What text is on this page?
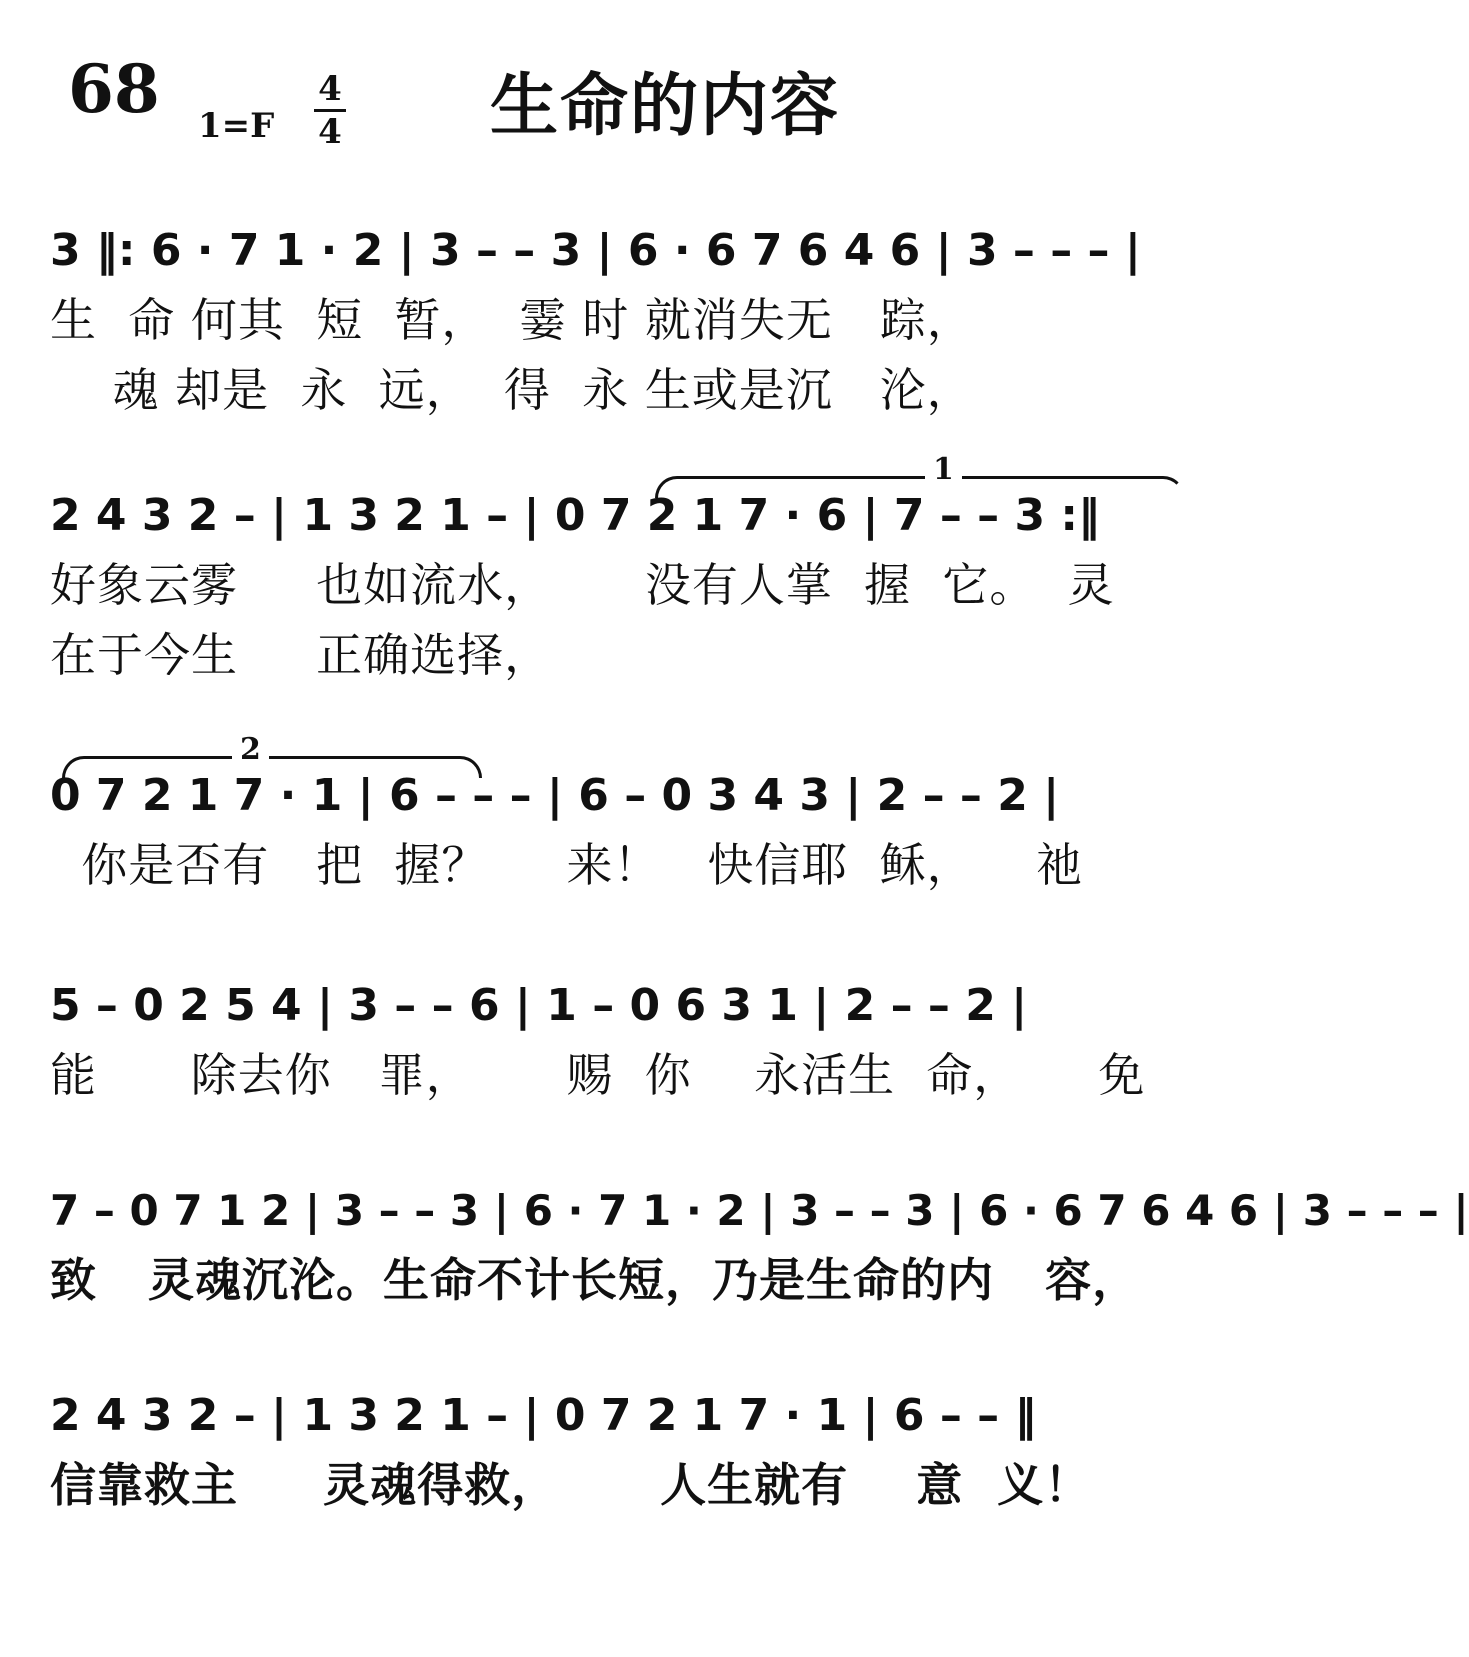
68 1=F
4
4 生命的内容
3 ‖: 6 · 7 1 · 2 | 3 – – 3 | 6 · 6 7 6 4 6 | 3 – – – |
生  命 何其  短  暂，  霎 时 就消失无   踪，
魂 却是  永  远，  得  永 生或是沉   沦，
1
2 4 3 2 – | 1 3 2 1 – | 0 7 2 1 7 · 6 | 7 – – 3 :‖
好象云雾     也如流水，      没有人掌  握  它。  灵
在于今生     正确选择，
2
0 7 2 1 7 · 1 | 6 – – – | 6 – 0 3 4 3 | 2 – – 2 |
你是否有   把  握？     来！   快信耶  稣，    祂
5 – 0 2 5 4 | 3 – – 6 | 1 – 0 6 3 1 | 2 – – 2 |
能      除去你   罪，      赐  你    永活生  命，     免
7 – 0 7 1 2 | 3 – – 3 | 6 · 7 1 · 2 | 3 – – 3 | 6 · 6 7 6 4 6 | 3 – – – |
致   灵魂沉沦。生命不计长短，乃是生命的内   容，
2 4 3 2 – | 1 3 2 1 – | 0 7 2 1 7 · 1 | 6 – – ‖
信靠救主     灵魂得救，      人生就有    意  义！
